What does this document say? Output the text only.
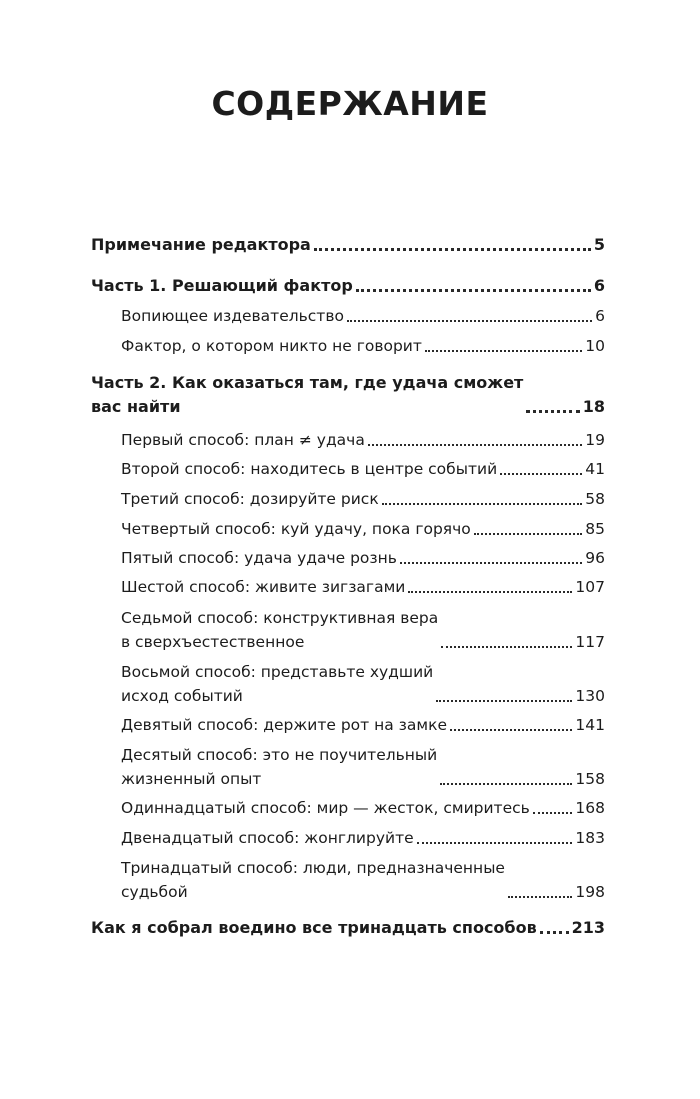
СОДЕРЖАНИЕ
Примечание редактора	5
Часть 1. Решающий фактор	6
Вопиющее издевательство	6
Фактор, о котором никто не говорит	10
Часть 2. Как оказаться там, где удача сможет
вас найти	18
Первый способ: план ≠ удача	19
Второй способ: находитесь в центре событий	41
Третий способ: дозируйте риск	58
Четвертый способ: куй удачу, пока горячо	85
Пятый способ: удача удаче рознь	96
Шестой способ: живите зигзагами	107
Седьмой способ: конструктивная вера
в сверхъестественное	117
Восьмой способ: представьте худший
исход событий	130
Девятый способ: держите рот на замке	141
Десятый способ: это не поучительный
жизненный опыт	158
Одиннадцатый способ: мир — жесток, смиритесь	168
Двенадцатый способ: жонглируйте	183
Тринадцатый способ: люди, предназначенные
судьбой	198
Как я собрал воедино все тринадцать способов 213
